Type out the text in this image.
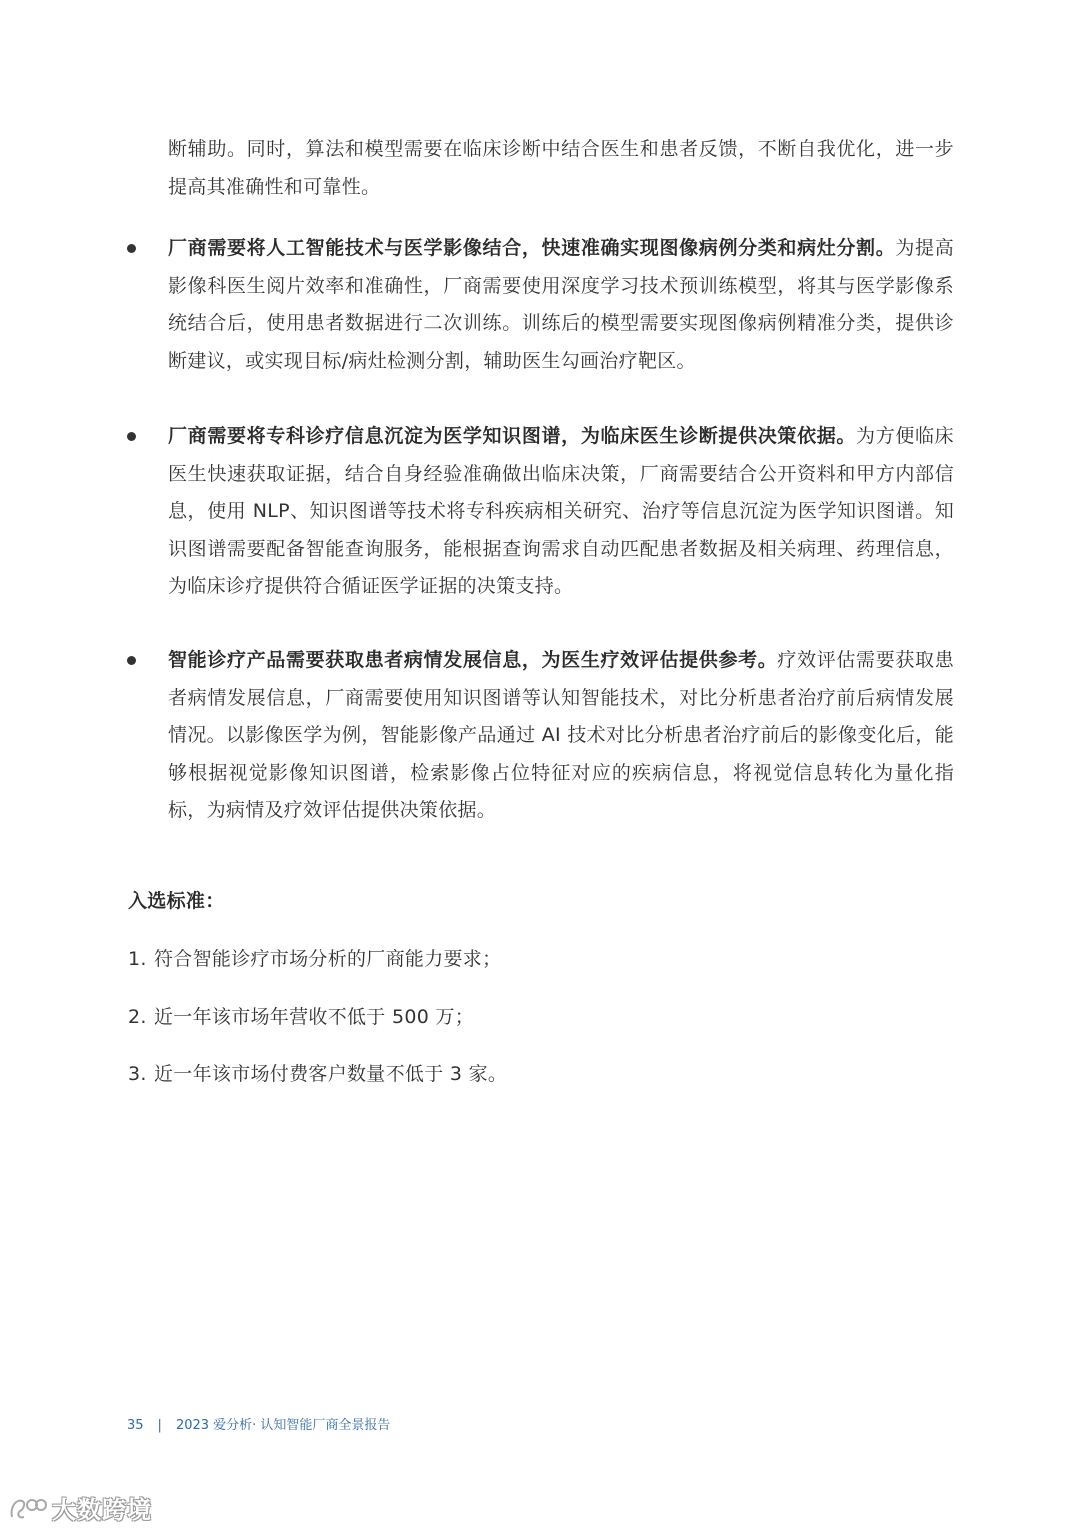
断辅助。同时，算法和模型需要在临床诊断中结合医生和患者反馈，不断自我优化，进一步提高其准确性和可靠性。

厂商需要将人工智能技术与医学影像结合，快速准确实现图像病例分类和病灶分割。为提高影像科医生阅片效率和准确性，厂商需要使用深度学习技术预训练模型，将其与医学影像系统结合后，使用患者数据进行二次训练。训练后的模型需要实现图像病例精准分类，提供诊断建议，或实现目标/病灶检测分割，辅助医生勾画治疗靶区。

厂商需要将专科诊疗信息沉淀为医学知识图谱，为临床医生诊断提供决策依据。为方便临床医生快速获取证据，结合自身经验准确做出临床决策，厂商需要结合公开资料和甲方内部信息，使用 NLP、知识图谱等技术将专科疾病相关研究、治疗等信息沉淀为医学知识图谱。知识图谱需要配备智能查询服务，能根据查询需求自动匹配患者数据及相关病理、药理信息，为临床诊疗提供符合循证医学证据的决策支持。

智能诊疗产品需要获取患者病情发展信息，为医生疗效评估提供参考。疗效评估需要获取患者病情发展信息，厂商需要使用知识图谱等认知智能技术，对比分析患者治疗前后病情发展情况。以影像医学为例，智能影像产品通过 AI 技术对比分析患者治疗前后的影像变化后，能够根据视觉影像知识图谱，检索影像占位特征对应的疾病信息，将视觉信息转化为量化指标，为病情及疗效评估提供决策依据。

入选标准：

1. 符合智能诊疗市场分析的厂商能力要求；

2. 近一年该市场年营收不低于 500 万；

3. 近一年该市场付费客户数量不低于 3 家。

35 | 2023 爱分析· 认知智能厂商全景报告
大数跨境
